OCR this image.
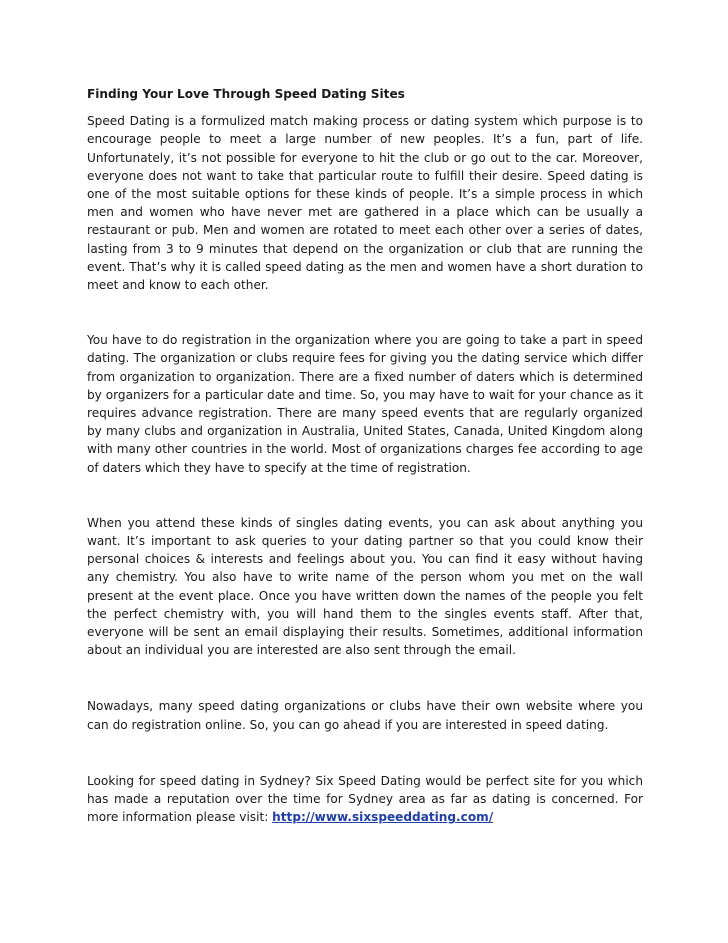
Finding Your Love Through Speed Dating Sites

Speed Dating is a formulized match making process or dating system which purpose is to encourage people to meet a large number of new peoples. It’s a fun, part of life. Unfortunately, it’s not possible for everyone to hit the club or go out to the car. Moreover, everyone does not want to take that particular route to fulfill their desire. Speed dating is one of the most suitable options for these kinds of people. It’s a simple process in which men and women who have never met are gathered in a place which can be usually a restaurant or pub. Men and women are rotated to meet each other over a series of dates, lasting from 3 to 9 minutes that depend on the organization or club that are running the event. That’s why it is called speed dating as the men and women have a short duration to meet and know to each other.

You have to do registration in the organization where you are going to take a part in speed dating. The organization or clubs require fees for giving you the dating service which differ from organization to organization. There are a fixed number of daters which is determined by organizers for a particular date and time. So, you may have to wait for your chance as it requires advance registration. There are many speed events that are regularly organized by many clubs and organization in Australia, United States, Canada, United Kingdom along with many other countries in the world. Most of organizations charges fee according to age of daters which they have to specify at the time of registration.

When you attend these kinds of singles dating events, you can ask about anything you want. It’s important to ask queries to your dating partner so that you could know their personal choices & interests and feelings about you. You can find it easy without having any chemistry. You also have to write name of the person whom you met on the wall present at the event place. Once you have written down the names of the people you felt the perfect chemistry with, you will hand them to the singles events staff. After that, everyone will be sent an email displaying their results. Sometimes, additional information about an individual you are interested are also sent through the email.

Nowadays, many speed dating organizations or clubs have their own website where you can do registration online. So, you can go ahead if you are interested in speed dating.

Looking for speed dating in Sydney? Six Speed Dating would be perfect site for you which has made a reputation over the time for Sydney area as far as dating is concerned. For more information please visit: http://www.sixspeeddating.com/
